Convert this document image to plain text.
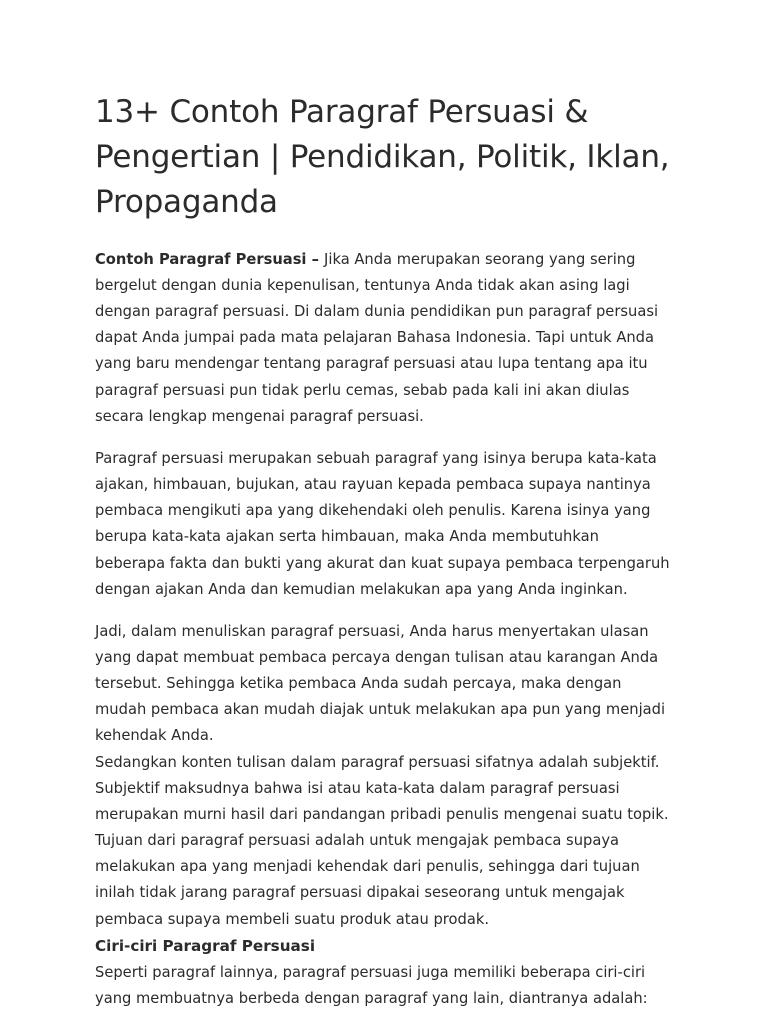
13+ Contoh Paragraf Persuasi & Pengertian | Pendidikan, Politik, Iklan, Propaganda

Contoh Paragraf Persuasi – Jika Anda merupakan seorang yang sering bergelut dengan dunia kepenulisan, tentunya Anda tidak akan asing lagi dengan paragraf persuasi. Di dalam dunia pendidikan pun paragraf persuasi dapat Anda jumpai pada mata pelajaran Bahasa Indonesia. Tapi untuk Anda yang baru mendengar tentang paragraf persuasi atau lupa tentang apa itu paragraf persuasi pun tidak perlu cemas, sebab pada kali ini akan diulas secara lengkap mengenai paragraf persuasi.

Paragraf persuasi merupakan sebuah paragraf yang isinya berupa kata-kata ajakan, himbauan, bujukan, atau rayuan kepada pembaca supaya nantinya pembaca mengikuti apa yang dikehendaki oleh penulis. Karena isinya yang berupa kata-kata ajakan serta himbauan, maka Anda membutuhkan beberapa fakta dan bukti yang akurat dan kuat supaya pembaca terpengaruh dengan ajakan Anda dan kemudian melakukan apa yang Anda inginkan.

Jadi, dalam menuliskan paragraf persuasi, Anda harus menyertakan ulasan yang dapat membuat pembaca percaya dengan tulisan atau karangan Anda tersebut. Sehingga ketika pembaca Anda sudah percaya, maka dengan mudah pembaca akan mudah diajak untuk melakukan apa pun yang menjadi kehendak Anda.

Sedangkan konten tulisan dalam paragraf persuasi sifatnya adalah subjektif. Subjektif maksudnya bahwa isi atau kata-kata dalam paragraf persuasi merupakan murni hasil dari pandangan pribadi penulis mengenai suatu topik. Tujuan dari paragraf persuasi adalah untuk mengajak pembaca supaya melakukan apa yang menjadi kehendak dari penulis, sehingga dari tujuan inilah tidak jarang paragraf persuasi dipakai seseorang untuk mengajak pembaca supaya membeli suatu produk atau prodak.

Ciri-ciri Paragraf Persuasi

Seperti paragraf lainnya, paragraf persuasi juga memiliki beberapa ciri-ciri yang membuatnya berbeda dengan paragraf yang lain, diantranya adalah:
